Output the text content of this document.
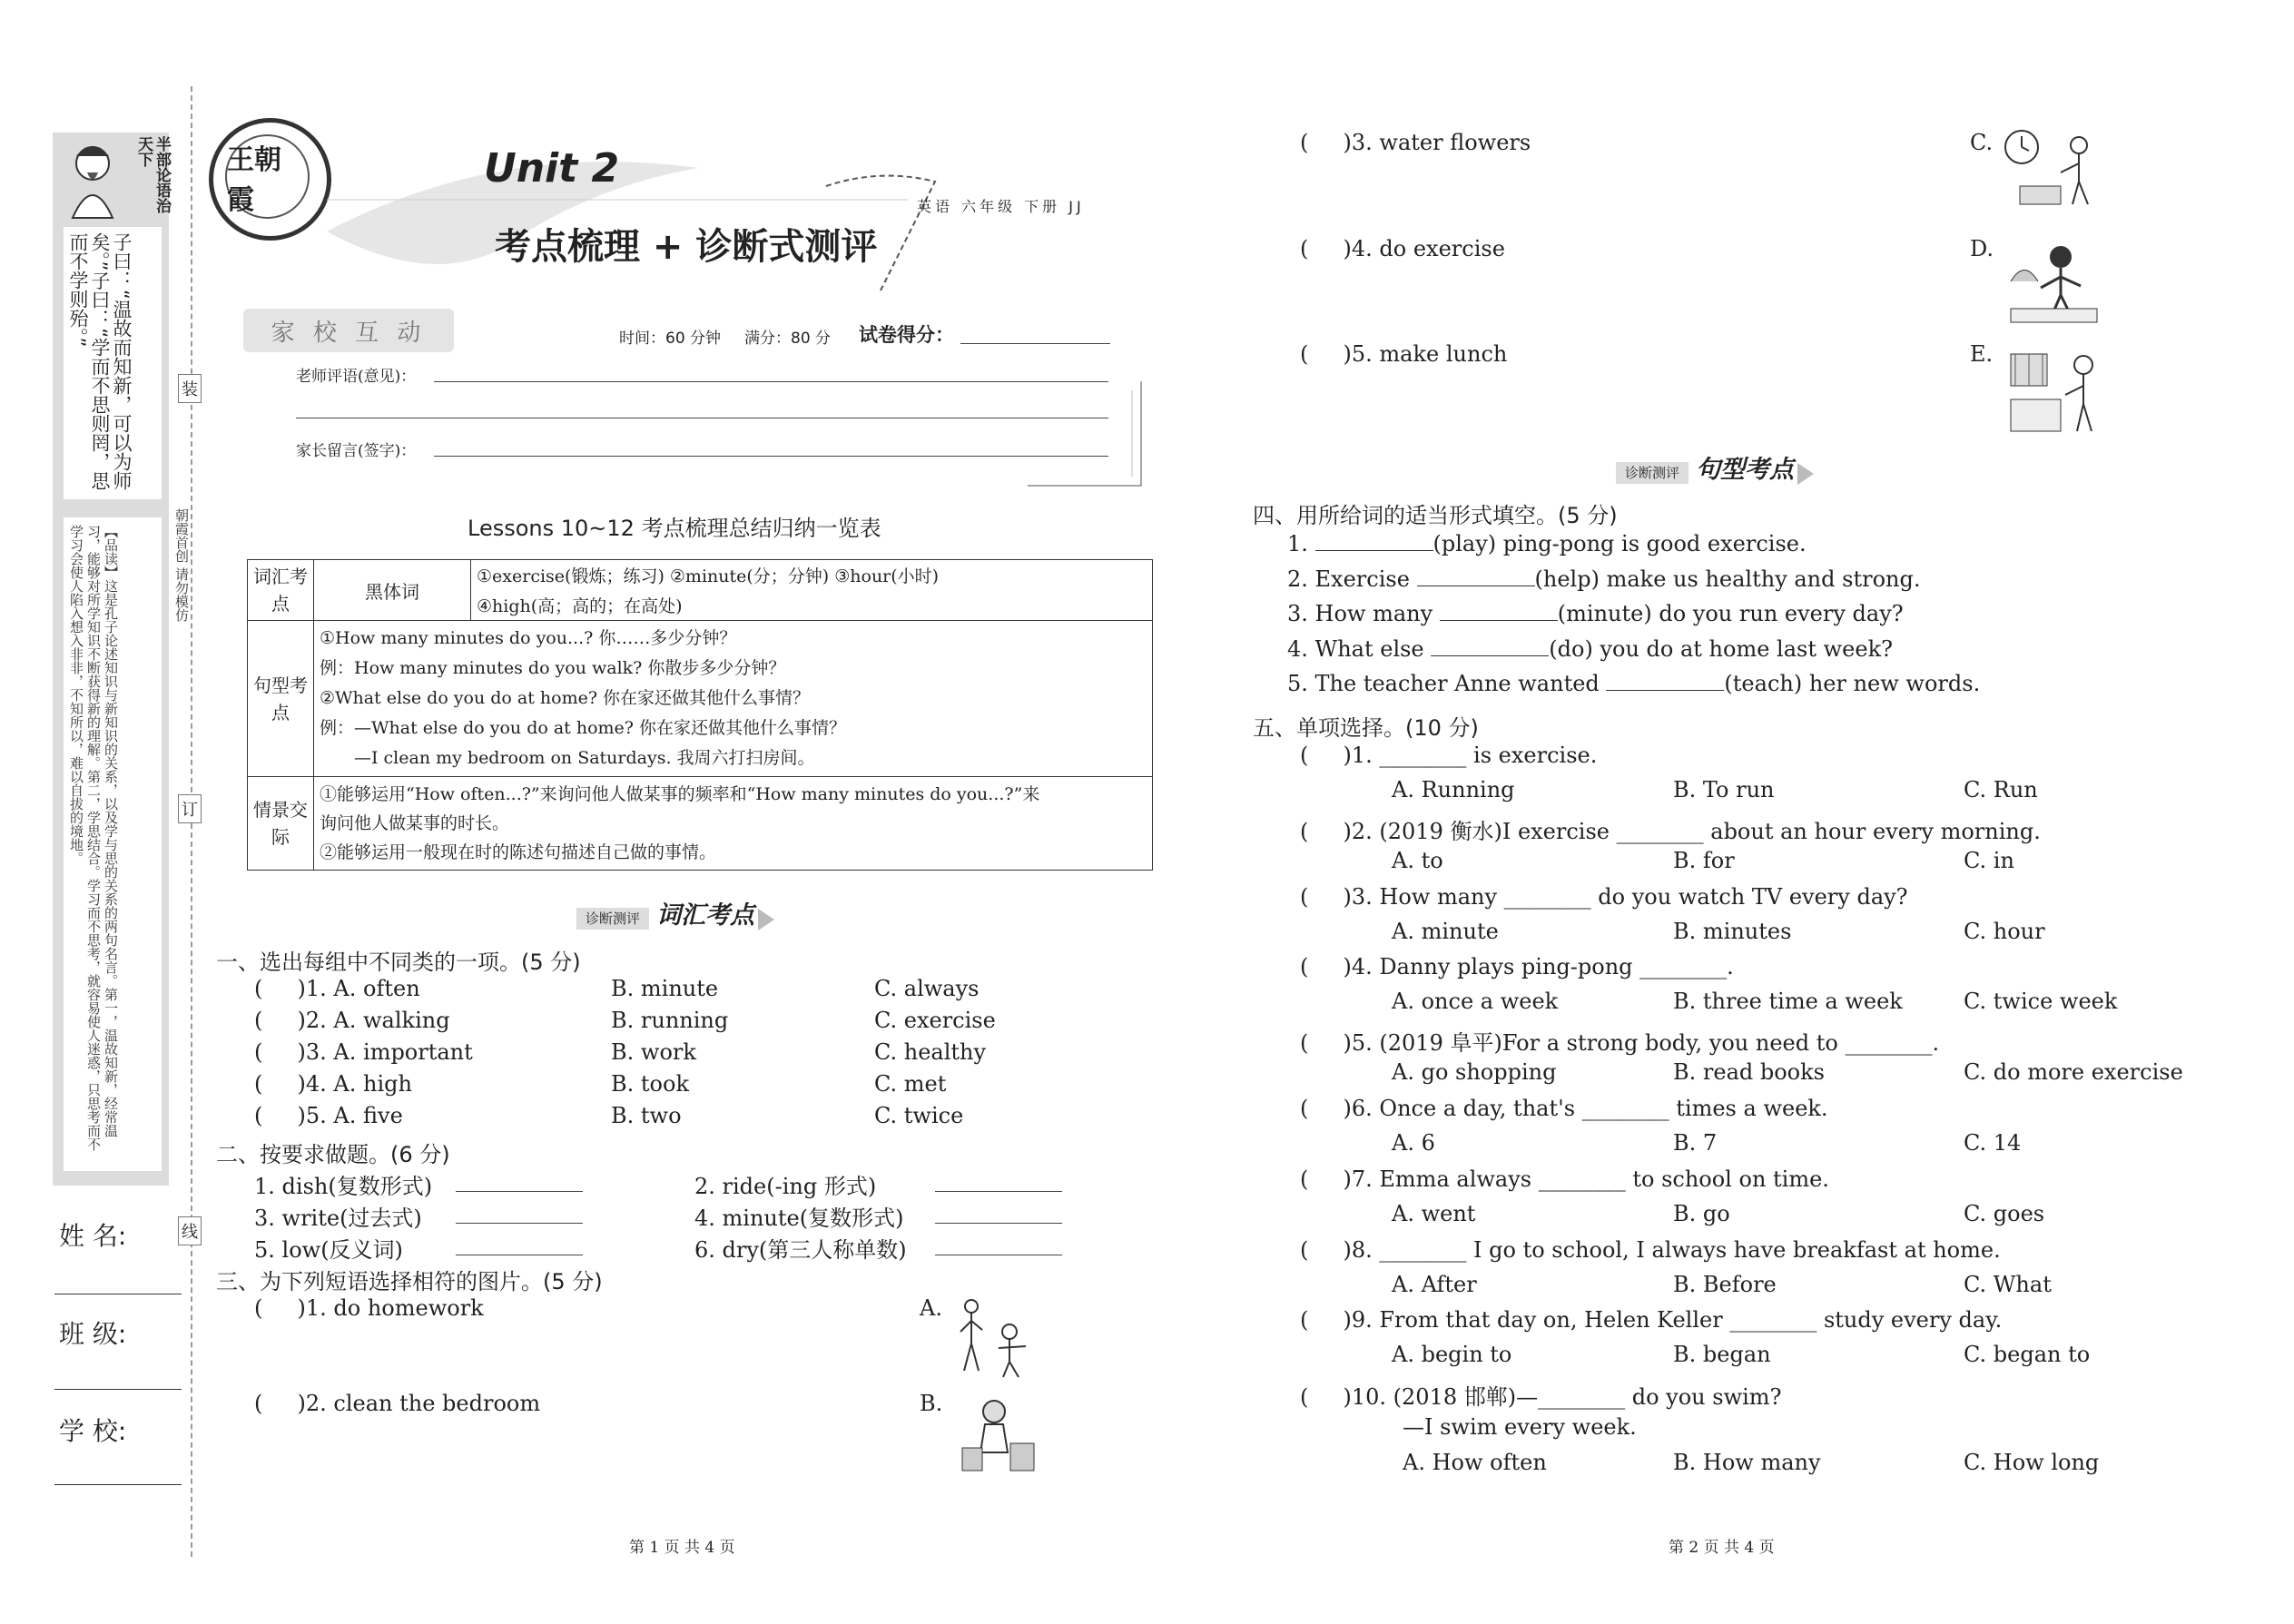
半部论语治天下
子曰：“温故而知新，可以为师矣。”子曰：“学而不思则罔，思而不学则殆。”
【品读】这是孔子论述知识与新知识的关系，以及学与思的关系的两句名言。第一，温故知新，经常温习，能够对所学知识不断获得新的理解。第二，学思结合。学习而不思考，就容易使人迷惑，只思考而不学习会使人陷入想入非非，不知所以，难以自拔的境地。
姓 名:
班 级:
学 校:
装
订
线
朝霞首创 请勿模仿
王朝霞
Unit 2
考点梳理 + 诊断式测评
英语 六年级 下册 JJ
家 校 互 动	时间：60 分钟 满分：80 分 试卷得分：
老师评语(意见)：
家长留言(签字)：
Lessons 10~12 考点梳理总结归纳一览表
词汇考点	黑体词	①exercise(锻炼；练习) ②minute(分；分钟) ③hour(小时)
		④high(高；高的；在高处)
句型考点	①How many minutes do you...? 你……多少分钟？
例：How many minutes do you walk? 你散步多少分钟？
②What else do you do at home? 你在家还做其他什么事情？
例：—What else do you do at home? 你在家还做其他什么事情？
—I clean my bedroom on Saturdays. 我周六打扫房间。	

情景交际	①能够运用“How often...?”来询问他人做某事的频率和“How many minutes do you...?”来
询问他人做某事的时长。
②能够运用一般现在时的陈述句描述自己做的事情。	
诊断测评 词汇考点
一、选出每组中不同类的一项。(5 分)
二、按要求做题。(6 分)
1. dish(复数形式)	2. ride(-ing 形式)
3. write(过去式)	4. minute(复数形式)
5. low(反义词)	6. dry(第三人称单数)
三、为下列短语选择相符的图片。(5 分)
(     )1. do homework	A.
(     )2. clean the bedroom	B.
(     )3. water flowers	C.
(     )4. do exercise	D.
(     )5. make lunch	E.
诊断测评 句型考点
四、用所给词的适当形式填空。(5 分)
五、单项选择。(10 分)
(     )10. (2018 邯郸)—________ do you swim?
—I swim every week.
A. How often	B. How many	C. How long
第 1 页 共 4 页	第 2 页 共 4 页
(     )1. A. often	B. minute	C. always
(     )2. A. walking	B. running	C. exercise
(     )3. A. important	B. work	C. healthy
(     )4. A. high	B. took	C. met
(     )5. A. five	B. two	C. twice
1.	(play) ping-pong is good exercise.
2. Exercise	(help) make us healthy and strong.
3. How many	(minute) do you run every day?
4. What else	(do) you do at home last week?
5. The teacher Anne wanted	(teach) her new words.
(     )1. ________ is exercise.
A. Running	B. To run	C. Run
(     )2. (2019 衡水)I exercise ________ about an hour every morning.
A. to	B. for	C. in
(     )3. How many ________ do you watch TV every day?
A. minute	B. minutes	C. hour
(     )4. Danny plays ping-pong ________.
A. once a week	B. three time a week	C. twice week
(     )5. (2019 阜平)For a strong body, you need to ________.
A. go shopping	B. read books	C. do more exercise
(     )6. Once a day, that's ________ times a week.
A. 6	B. 7	C. 14
(     )7. Emma always ________ to school on time.
A. went	B. go	C. goes
(     )8. ________ I go to school, I always have breakfast at home.
A. After	B. Before	C. What
(     )9. From that day on, Helen Keller ________ study every day.
A. begin to	B. began	C. began to
